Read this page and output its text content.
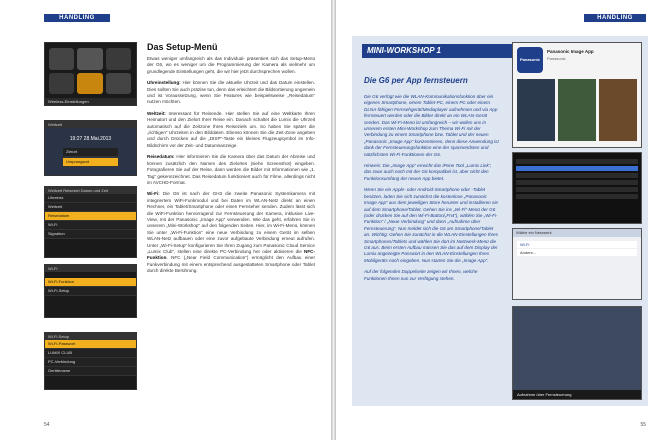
HANDLING
Wireless-Einstellungen
Weltzeit
19:27 28.Mai.2013
Zielort
Ursprungsort
Weltzeit Reiseziel Datum und Zeit
Uhreinst.
Weltzeit
Reisedatum
Wi-Fi
Signalton
Wi-Fi
Wi-Fi-Funktion
Wi-Fi-Setup
Wi-Fi-Setup
Wi-Fi-Passwort
LUMIX CLUB
PC-Verbindung
Gerätename
Das Setup-Menü

Etwas weniger umfangreich als das Individual- präsentiert sich das Setup-Menü der G6, wo es weniger um die Programmierung der Kamera als vielmehr um grundlegende Einstellungen geht, die wir hier jetzt durchsprechen wollen.

Uhreinstellung: Hier können Sie die aktuelle Uhrzeit und das Datum einstellen. Dies sollten Sie auch präzise tun, denn das erleichtert die Bildsortierung ungemein und ist Voraussetzung, wenn Sie Features wie beispielsweise „Reisedatum“ nutzen möchten.

Weltzeit: Interessant für Reisende. Hier stellen Sie auf eine Weltkarte Ihren Heimatort und den Zielort Ihrer Reise ein. Danach schaltet die Lumix die Uhrzeit automatisch auf die Zeitzone Ihres Reiseziels um. So haben Sie später die „richtigen“ Uhrzeiten in den Bilddaten. Ebenso können Sie die Zeit-Zone angeben und durch Drücken auf die „DISP“-Taste ein kleines Flugzeugsymbol im Info-Bildschirm vor der Zeit- und Datumsanzeige.

Reisedatum: Hier informieren Sie die Kamera über das Datum der Abreise und können zusätzlich den Namen des Zielortes (siehe Screenshot) eingeben. Fotografieren Sie auf der Reise, dann werden die Bilder mit Informationen wie „1. Tag“ gekennzeichnet. Das Reisedatum funktioniert auch für Filme, allerdings nicht im AVCHD-Format.

Wi-Fi: Die G6 ist nach der GH3 die zweite Panasonic Systemkamera mit integriertem WiFi-Funkmodul und bei Daten im WLAN-Netz direkt an einen Rechner, ein Tablet/Smartphone oder einen Fernseher senden. Zudem lässt sich die WiFi-Funktion hervorragend zur Fernsteuerung der Kamera, inklusive Live-View, mit der Panasonic „Image App“ verwenden. Wie das geht, erfahren Sie in unserem „Mini-Workshop“ auf den folgenden Seiten. Hier, im Wi-Fi-Menü, können Sie unter „Wi-Fi-Funktion“ eine neue Verbindung zu einem Gerät im selben WLAN-Netz aufbauen oder eine zuvor aufgebaute Verbindung erneut aufrufen. Unter „Wi-Fi-Setup“ konfigurieren Sie Ihren Zugang zum Panasonic Cloud Service „Lumix Club“, stellen eine direkte PC-Verbindung her oder aktivieren die NFC-Funktion. NFC („Near Field Communication“) ermöglicht den Aufbau einer Funkverbindung mit einem entsprechend ausgestatteten Smartphone oder Tablet durch direkte Berührung.

54
HANDLING
MINI-WORKSHOP 1
Die G6 per App fernsteuern

Die G6 verfügt wie die WLAN-Kommunikationsfunktion über ein eigenes Smartphone, einem Tablet-PC, einem PC oder einem DLNA-fähigen Fernsehgerät/Mediaplayer aufnehmen und via App fernsteuert werden oder die Bilder direkt an ein WLAN-Gerät senden. Das Wi-Fi-Menü ist umfangreich – wir wollen uns in unserem ersten Mini-Workshop zum Thema Wi-Fi mit der Verbindung zu einem Smartphone bzw. Tablet und der neuen „Panasonic „Image App“ konzentrieren, denn diese Anwendung ist dank der Fernsteuerungsfunktion eine der spannendsten und nützlichsten Wi-Fi-Funktionen der G6.

Hinweis: Die „Image App“ erreicht das iPone Tool „Lumix Link“, das zwar auch noch mit der G6 kompatibel ist, aber nicht den Funktionsumfang der neuen App bietet.

Wenn Sie ein Apple- oder Android-Smartphone oder -Tablet besitzen, laden Sie sich zunächst die kostenlose „Panasonic Image App“ aus dem jeweiligen Store herunter und installieren sie auf dem Smartphone/Tablet. Gehen Sie ins „Wi-Fi“-Menü der G6 (oder drücken Sie auf den Wi-Fi-Button/„Fn4“), wählen Sie „Wi-Fi-Funktion“ / „Neue Verbindung“ und dann „Aufnahme über Fernsteuerung“. Nun meldet sich die G6 am Smartphone/Tablet an. Wichtig: Gehen Sie zunächst in die WLAN-Einstellungen Ihres Smartphones/Tablets und wählen Sie dort im Netzwerk-Menü die G6 aus. Beim ersten Aufbau müssen Sie das auf dem Display der Lumix angezeigte Passwort in den WLAN-Einstellungen Ihres Mobilgeräts noch eingeben. Nun starten Sie die „Image App“.

Auf der folgenden Doppelseite zeigen wir Ihnen, welche Funktionen Ihnen nun zur Verfügung stehen.

Panasonic
Panasonic Image App
Panasonic
Wähle ein Netzwerk
Wi-Fi
Andere...
Aufnahme über Fernsteuerung
55
